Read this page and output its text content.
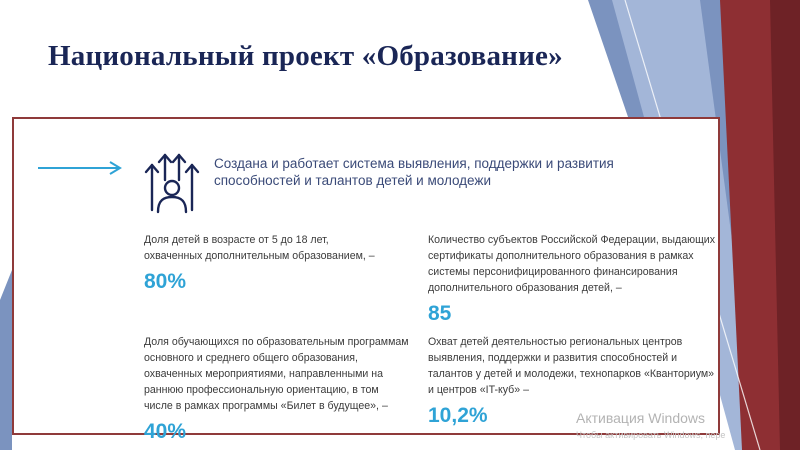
Национальный проект «Образование»
Создана и работает система выявления, поддержки и развития способностей и талантов детей и молодежи
Доля детей в возрасте от 5 до 18 лет, охваченных дополнительным образованием, –
80%
Количество субъектов Российской Федерации, выдающих сертификаты дополнительного образования в рамках системы персонифицированного финансирования дополнительного образования детей, –
85
Доля обучающихся по образовательным программам основного и среднего общего образования, охваченных мероприятиями, направленными на раннюю профессиональную ориентацию, в том числе в рамках программы «Билет в будущее», –
40%
Охват детей деятельностью региональных центров выявления, поддержки и развития способностей и талантов у детей и молодежи, технопарков «Кванториум» и центров «IT-куб» –
10,2%	Активация Windows
Чтобы активировать Windows, пере
